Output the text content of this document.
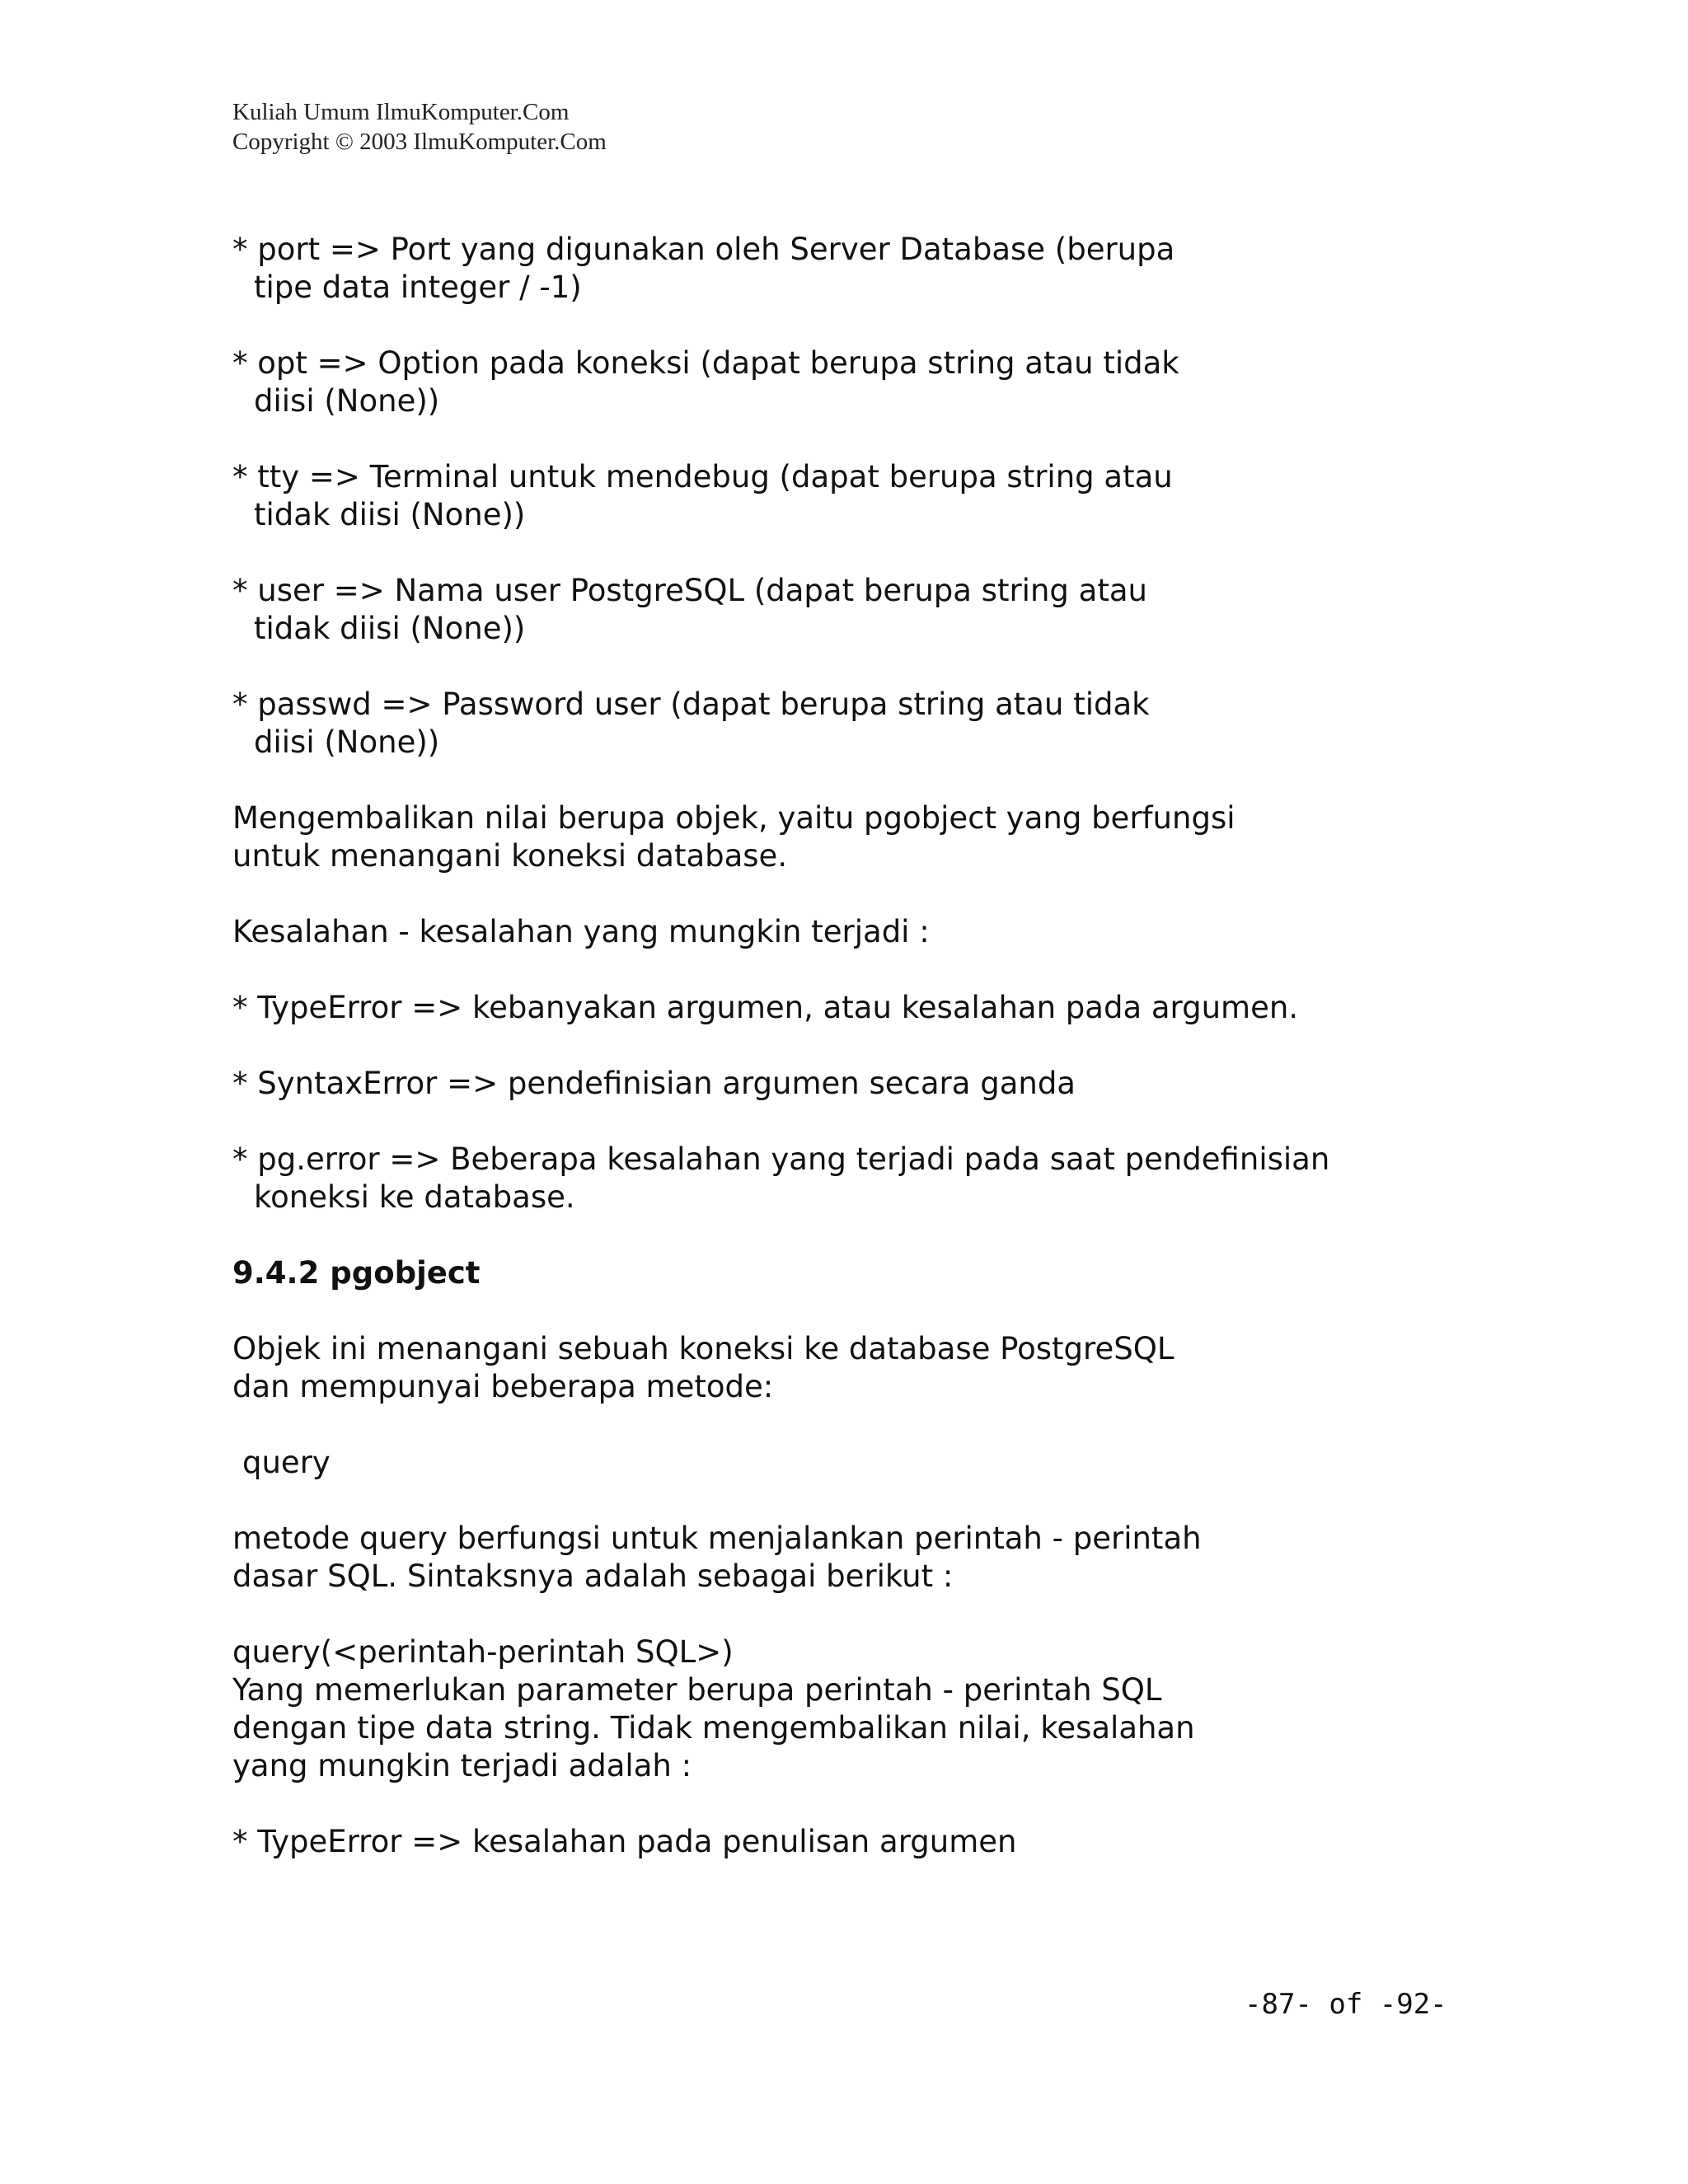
Kuliah Umum IlmuKomputer.Com
Copyright © 2003 IlmuKomputer.Com
* port => Port yang digunakan oleh Server Database (berupa
tipe data integer / -1)
* opt => Option pada koneksi (dapat berupa string atau tidak
diisi (None))
* tty => Terminal untuk mendebug (dapat berupa string atau
tidak diisi (None))
* user => Nama user PostgreSQL (dapat berupa string atau
tidak diisi (None))
* passwd => Password user (dapat berupa string atau tidak
diisi (None))
Mengembalikan nilai berupa objek, yaitu pgobject yang berfungsi
untuk menangani koneksi database.
Kesalahan - kesalahan yang mungkin terjadi :
* TypeError => kebanyakan argumen, atau kesalahan pada argumen.
* SyntaxError => pendefinisian argumen secara ganda
* pg.error => Beberapa kesalahan yang terjadi pada saat pendefinisian
koneksi ke database.
9.4.2 pgobject
Objek ini menangani sebuah koneksi ke database PostgreSQL
dan mempunyai beberapa metode:
query
metode query berfungsi untuk menjalankan perintah - perintah
dasar SQL. Sintaksnya adalah sebagai berikut :
query(<perintah-perintah SQL>)
Yang memerlukan parameter berupa perintah - perintah SQL
dengan tipe data string. Tidak mengembalikan nilai, kesalahan
yang mungkin terjadi adalah :
* TypeError => kesalahan pada penulisan argumen
-87- of -92-
